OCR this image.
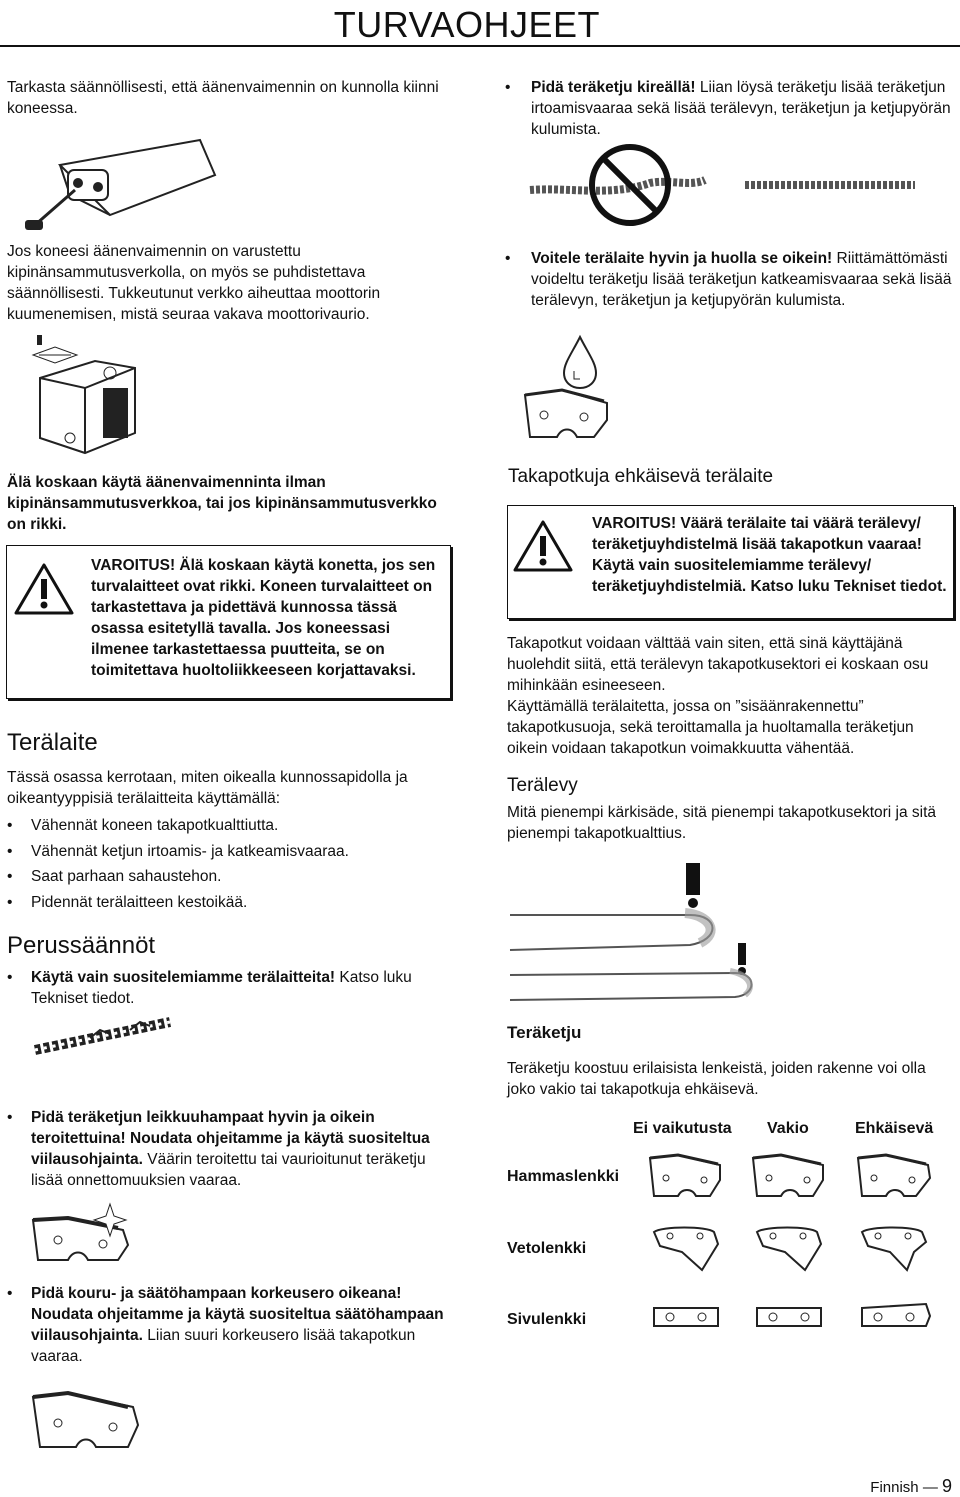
TURVAOHJEET
Tarkasta säännöllisesti, että äänenvaimennin on kunnolla kiinni koneessa.
Jos koneesi äänenvaimennin on varustettu kipinänsammutusverkolla, on myös se puhdistettava säännöllisesti. Tukkeutunut verkko aiheuttaa moottorin kuumenemisen, mistä seuraa vakava moottorivaurio.
Älä koskaan käytä äänenvaimenninta ilman kipinänsammutusverkkoa, tai jos kipinänsammutusverkko on rikki.
VAROITUS! Älä koskaan käytä konetta, jos sen turvalaitteet ovat rikki. Koneen turvalaitteet on tarkastettava ja pidettävä kunnossa tässä osassa esitetyllä tavalla. Jos koneessasi ilmenee tarkastettaessa puutteita, se on toimitettava huoltoliikkeeseen korjattavaksi.
Terälaite
Tässä osassa kerrotaan, miten oikealla kunnossapidolla ja oikeantyyppisiä terälaitteita käyttämällä:
• Vähennät koneen takapotkualttiutta.
• Vähennät ketjun irtoamis- ja katkeamisvaaraa.
• Saat parhaan sahaustehon.
• Pidennät terälaitteen kestoikää.
Perussäännöt
• Käytä vain suositelemiamme terälaitteita! Katso luku Tekniset tiedot.
• Pidä teräketjun leikkuuhampaat hyvin ja oikein teroitettuina! Noudata ohjeitamme ja käytä suositeltua viilausohjainta. Väärin teroitettu tai vaurioitunut teräketju lisää onnettomuuksien vaaraa.
• Pidä kouru- ja säätöhampaan korkeusero oikeana! Noudata ohjeitamme ja käytä suositeltua säätöhampaan viilausohjainta. Liian suuri korkeusero lisää takapotkun vaaraa.
• Pidä teräketju kireällä! Liian löysä teräketju lisää teräketjun irtoamisvaaraa sekä lisää terälevyn, teräketjun ja ketjupyörän kulumista.
• Voitele terälaite hyvin ja huolla se oikein! Riittämättömästi voideltu teräketju lisää teräketjun katkeamisvaaraa sekä lisää terälevyn, teräketjun ja ketjupyörän kulumista.
Takapotkuja ehkäisevä terälaite
VAROITUS! Väärä terälaite tai väärä terälevy/ teräketjuyhdistelmä lisää takapotkun vaaraa! Käytä vain suositelemiamme terälevy/ teräketjuyhdistelmiä. Katso luku Tekniset tiedot.
Takapotkut voidaan välttää vain siten, että sinä käyttäjänä huolehdit siitä, että terälevyn takapotkusektori ei koskaan osu mihinkään esineeseen.
Käyttämällä terälaitetta, jossa on ”sisäänrakennettu” takapotkusuoja, sekä teroittamalla ja huoltamalla teräketjun oikein voidaan takapotkun voimakkuutta vähentää.
Terälevy
Mitä pienempi kärkisäde, sitä pienempi takapotkusektori ja sitä pienempi takapotkualttius.
Teräketju
Teräketju koostuu erilaisista lenkeistä, joiden rakenne voi olla joko vakio tai takapotkuja ehkäisevä.
Ei vaikutusta Vakio	Ehkäisevä
Hammaslenkki
Vetolenkki
Sivulenkki
Finnish — 9
